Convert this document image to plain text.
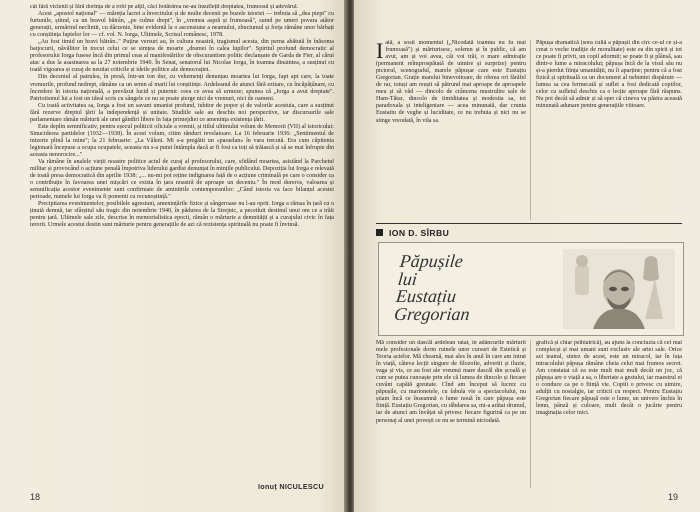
cât fără viclenii și fără dorința de a robi pe alții, căci hotărârea ne-au însuflețit dreptatea, frumosul și adevărul.

Acest „apostol național" — măreția lacrei a învecitului și de multe decenii pe buzele istoriei — trebuia să „dea piept" cu furtunile, știind, ca un bravul bătrân, „pe culme drept", în „vremea aspră și frumoasă", suind pe umeri povara atâtor generații, urmărind neclintit, cu dârzenie, bine evidentă la o ascensiune a neamului, zbuciumul și forța rămâne unor bărbați cu conștiința faptelor lor — cf. vol. N. Iorga, Ultimele, Scrisul românesc, 1978.

„Au fost timid un bravi bătrân.." Puține versuri au, în cultura noastră, tragismul acesta, din perna abătută în înăsoma batjocurii, năvălitor în trecut celui ce se simțea de moarte „dramei în calea lupilor". Spiritul profund democratic al profesorului Iorga fusese încă din primul ceas al manifestărilor de obscurantism politic declanșate de Garda de Fier, al cărui atac a dus la asasinarea sa la 27 noiembrie 1940. În Senat, senatorul lui Nicolae Iorga, în toamna dinaintea, a susținut cu toată vigoarea și curaj de neuitat criticile și ideile politice ale democrației.

Din deceniul al patrulea, în presă, într-un ton dur, cu vehemenți denunțau moartea lui Iorga, fapt apt care, la toate vremurile, profund nedrept, rămâne ca un semn al marii lui conștiințe. Ardeleanul de atunci fără ezitare, cu încăpățânare, cu încredere în istoria națională, a prevăzut lucid și puternic ceea ce avea să urmeze; spunea că „Iorga a avut dreptate". Patriotismul lui a fost un ideal scris cu sângele ce nu se poate șterge nici de vremuri, nici de oameni.

Cu toată activitatea sa, Iorga a fost un savant umanist profund, iubitor de popor și de valorile acestuia, care a susținut fără rezerve dreptul țării la independență și unitate. Studiile sale au deschis noi perspective, iar discursurile sale parlamentare rămân mărturii ale unei gândiri libere în fața primejdiei ce amenința existența țării.

Este deplin semnificativ, pentru eșecul politicii oficiale a vremii, și titlul ultimului volum de Memorii (VII) al istoricului: Sinuciderea partidelor (1932—1938). În acest volum, citim rânduri revelatoare. La 16 februarie 1936: „Sentimentul de mizerie plină la mine"; la 21 februarie: „La Văleni. Mi s-a pregătit un «paraelan» în vara trecută. Era cum căpitenia legionară începuse a ocupa ocupatele, aceasta nu s-a putut întâmpla dacă ar fi fost ca toți să trăiască și să se mai înfrupte din aceasta nenorocire..."

Va rămâne în analele vieții noastre politice actul de curaj al profesorului, care, sfidând moartea, asistând la Parchetul militar și provocând o acțiune penală împotriva liderului gardist denunțat în mințile publicului. Depoziția lui Iorga e relevată de toată presa democratică din aprilie 1938: „... nu-mi pot reține indignarea față de o acțiune criminală pe care o consider ca o contribuție în favoarea unei mișcări ce exista în țara noastră de aproape un deceniu." În mod dureros, valoarea și semnificația acestor evenimente sunt confirmate de amintirile contemporanilor: „Când istoria va face bilanțul acestei perioade, numele lui Iorga va fi pomenit cu recunoștință."

Precipitarea evenimentelor, posibilele agresiuni, amenințările fizice și sângeroase nu l-au oprit. Iorga a rămas în țară cu o ținută demnă, iar sfârșitul său tragic din noiembrie 1940, în pădurea de la Strejnic, a pecetluit destinul unui om ce a trăit pentru țară. Ultimele sale zile, descrise în memorialistica epocii, rămân o mărturie a demnității și a curajului civic în fața terorii. Urmele acestui destin sunt mărturie pentru generațiile de azi că rezistența spirituală nu poate fi învinsă.

Ionuț NICULESCU
18
I ată, a sosit momentul („Nicodată toamna nu fu mai frumoasă") și mărturisesc, solemn și în public, că am avut, am și voi avea, cât voi trăi, o mare admirație (permanent reîmprospătată de uimire și surprize) pentru pictorul, scenograful, marele păpușar care este Eustațiu Gregorian. Grație marelui binevoitoare, de oferea ori fărăfel de rar, totuși am reușit să pătrund mai aproape de aproapele meu și să văd — dincolo de crâncena mustrulire sale de Ham-Tătar, dincolo de timiditatea și modestia sa, tot paradoxala și inteligentare — acea minunată, dar crunta Eustatiu de veghe și luciditate, ce nu trebuia și nici nu se stinge vreodată, în vila sa.
Păpușa dramatică (sora cultă a păpușii din circ ce-ul ce și-a creat o veche tradiție de moralitate) este ea din spirit și tot ce poate fi privit, un copil adormit; se poate fi și plânsă, sau dintr-o lume a miracolului; păpușa încă de la visul său nu și-a pierdut ființa umanității, nu îi aparține; pentru că a fost fizică și spirituală ca un document al nebuniei dispărute — lumea sa cea fermecată și suflet a fost dedicată copiilor, celor cu sufletul deschis ca o lecție aproape fără răspuns. Nu pot decât să admir și să sper că cineva va păstra această minunată adunare pentru generațiile viitoare.
ION D. SÎRBU
Păpușile
lui
Eustațiu
Gregorian
Mă consider un dascăl ardelean ratat, în adâncurile mărturii mele profesionale dorm ruinele unor cursuri de Estetică și Teoria actelor. Mă cheamă, mai ales în anul în care am intrat în viață, câteva lecții singure de filozofie, advertii și iluzie, vaga și vis, ce au fost ale vreunui mare dascăl din școală și cum se putea cunoaște prin ele că lumea de dincolo și fiecare cuvânt capătă greutate. Cînd am început să lucrez cu păpușile, cu marionetele, cu fabula vie a spectacolului, nu știam încă ce înseamnă o lume nouă în care păpușa este ființă. Eustațiu Gregorian, cu răbdarea sa, mi-a arătat drumul, iar de atunci am învățat să privesc fiecare figurină ca pe un personaj al unei povești ce nu se termină niciodată.
grafică și chiar psihiatrică), au ajuns la concluzia că cei mai complecși și mai umani sunt exclusiv ale artei sale. Orice act teatral, sintez de acest, este un miracol, iar în fața miracolului păpușa rămâne cheia celui mai frumos secret. Am constatat că ea este mult mai mult decât un joc, că păpușa are o viață a sa, o libertate a gestului, iar maestrul ei o conduce ca pe o ființă vie. Copiii o privesc cu uimire, adulții cu nostalgie, iar criticii cu respect. Pentru Eustațiu Gregorian fiecare păpușă este o lume, un univers închis în lemn, pânză și culoare, mult decât o jucărie pentru imaginația celor mici.
19
